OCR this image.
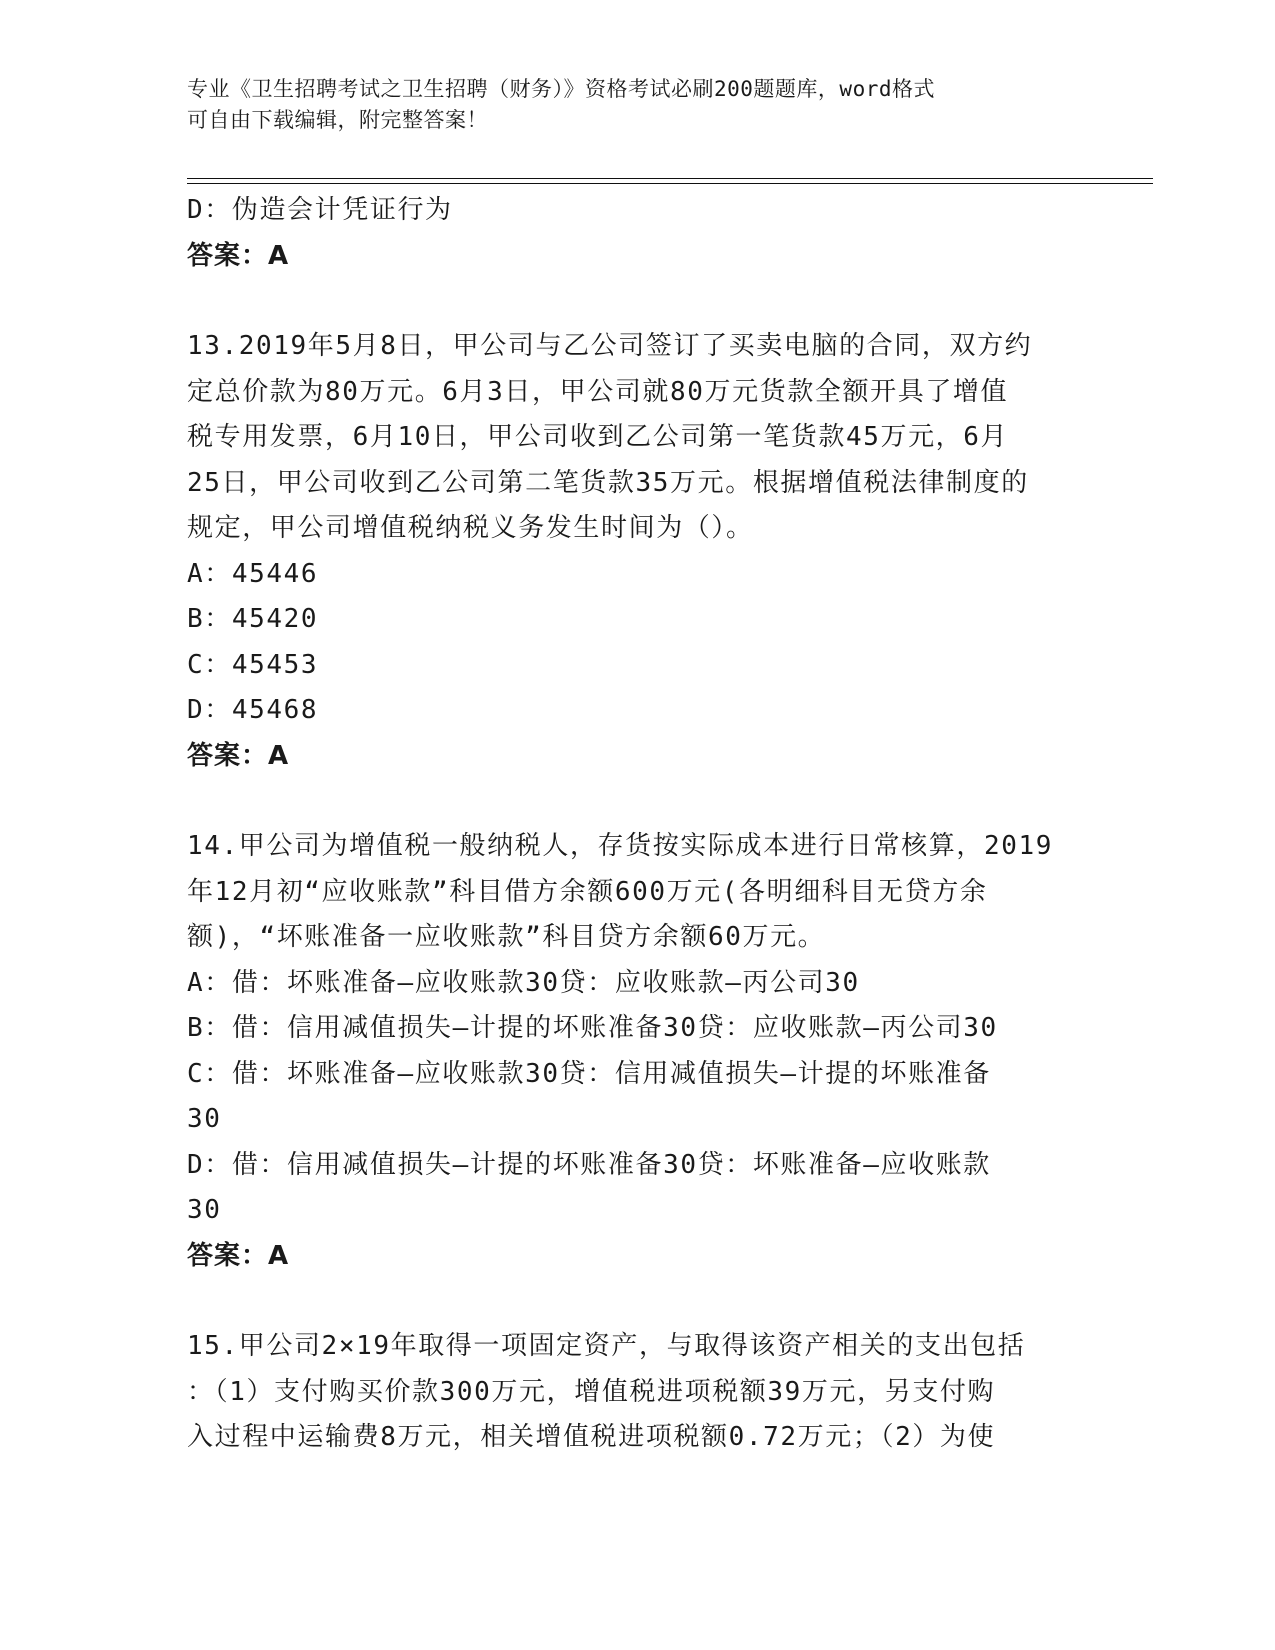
专业《卫生招聘考试之卫生招聘（财务）》资格考试必刷200题题库，word格式
可自由下载编辑，附完整答案！
D：伪造会计凭证行为
答案：A
13.2019年5月8日，甲公司与乙公司签订了买卖电脑的合同，双方约
定总价款为80万元。6月3日，甲公司就80万元货款全额开具了增值
税专用发票，6月10日，甲公司收到乙公司第一笔货款45万元，6月
25日，甲公司收到乙公司第二笔货款35万元。根据增值税法律制度的
规定，甲公司增值税纳税义务发生时间为（）。
A：45446
B：45420
C：45453
D：45468
答案：A
14.甲公司为增值税一般纳税人，存货按实际成本进行日常核算，2019
年12月初“应收账款”科目借方余额600万元(各明细科目无贷方余
额)，“坏账准备一应收账款”科目贷方余额60万元。
A：借：坏账准备—应收账款30贷：应收账款—丙公司30
B：借：信用减值损失—计提的坏账准备30贷：应收账款—丙公司30
C：借：坏账准备—应收账款30贷：信用减值损失—计提的坏账准备
30
D：借：信用减值损失—计提的坏账准备30贷：坏账准备—应收账款
30
答案：A
15.甲公司2×19年取得一项固定资产，与取得该资产相关的支出包括
：（1）支付购买价款300万元，增值税进项税额39万元，另支付购
入过程中运输费8万元，相关增值税进项税额0.72万元；（2）为使
